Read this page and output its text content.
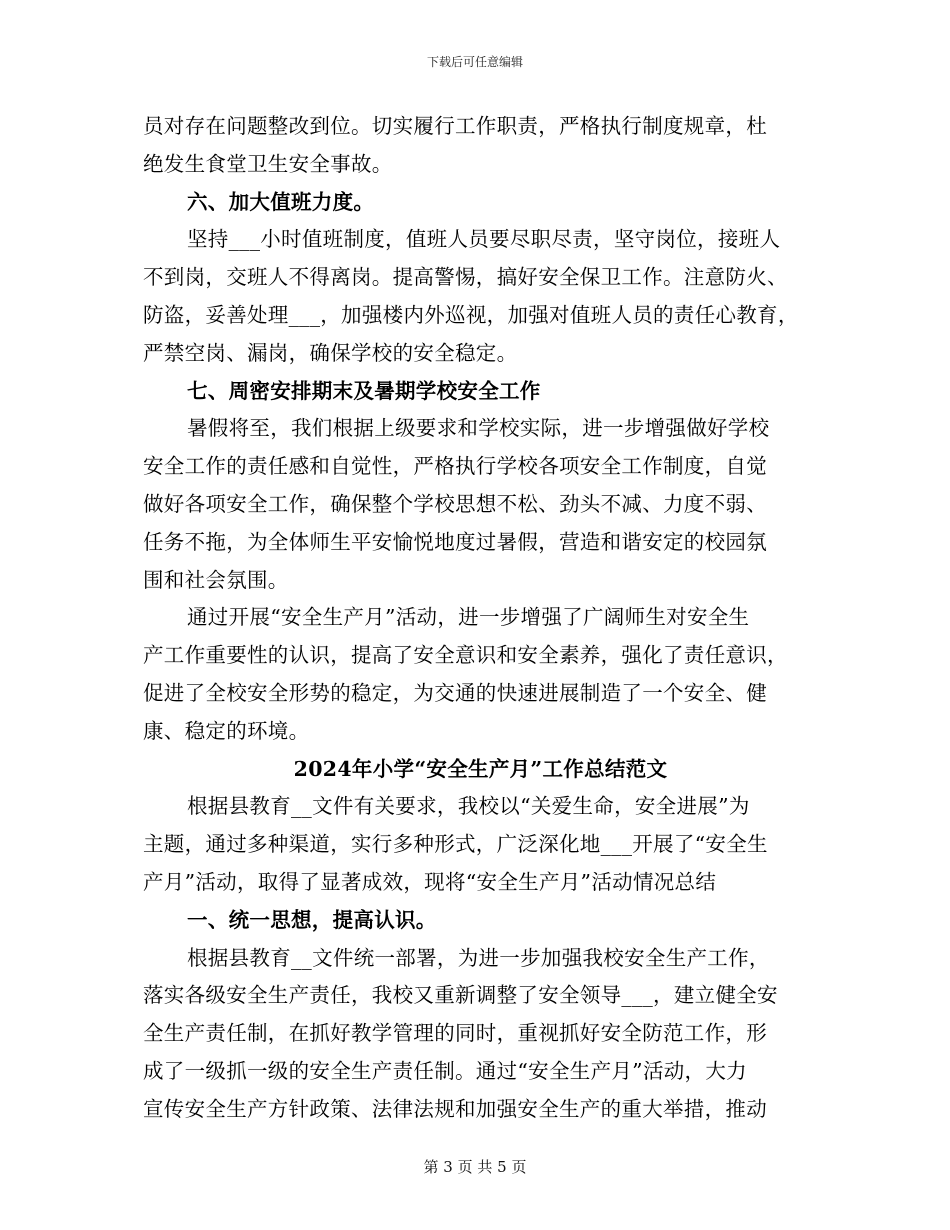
下载后可任意编辑
员对存在问题整改到位。切实履行工作职责，严格执行制度规章，杜
绝发生食堂卫生安全事故。
六、加大值班力度。
坚持___小时值班制度，值班人员要尽职尽责，坚守岗位，接班人
不到岗，交班人不得离岗。提高警惕，搞好安全保卫工作。注意防火、
防盗，妥善处理___，加强楼内外巡视，加强对值班人员的责任心教育，
严禁空岗、漏岗，确保学校的安全稳定。
七、周密安排期末及暑期学校安全工作
暑假将至，我们根据上级要求和学校实际，进一步增强做好学校
安全工作的责任感和自觉性，严格执行学校各项安全工作制度，自觉
做好各项安全工作，确保整个学校思想不松、劲头不减、力度不弱、
任务不拖，为全体师生平安愉悦地度过暑假，营造和谐安定的校园氛
围和社会氛围。
通过开展“安全生产月”活动，进一步增强了广阔师生对安全生
产工作重要性的认识，提高了安全意识和安全素养，强化了责任意识，
促进了全校安全形势的稳定，为交通的快速进展制造了一个安全、健
康、稳定的环境。
2024年小学“安全生产月”工作总结范文
根据县教育__文件有关要求，我校以“关爱生命，安全进展”为
主题，通过多种渠道，实行多种形式，广泛深化地___开展了“安全生
产月”活动，取得了显著成效，现将“安全生产月”活动情况总结
一、统一思想，提高认识。
根据县教育__文件统一部署，为进一步加强我校安全生产工作，
落实各级安全生产责任，我校又重新调整了安全领导___，建立健全安
全生产责任制，在抓好教学管理的同时，重视抓好安全防范工作，形
成了一级抓一级的安全生产责任制。通过“安全生产月”活动，大力
宣传安全生产方针政策、法律法规和加强安全生产的重大举措，推动
第 3 页 共 5 页
